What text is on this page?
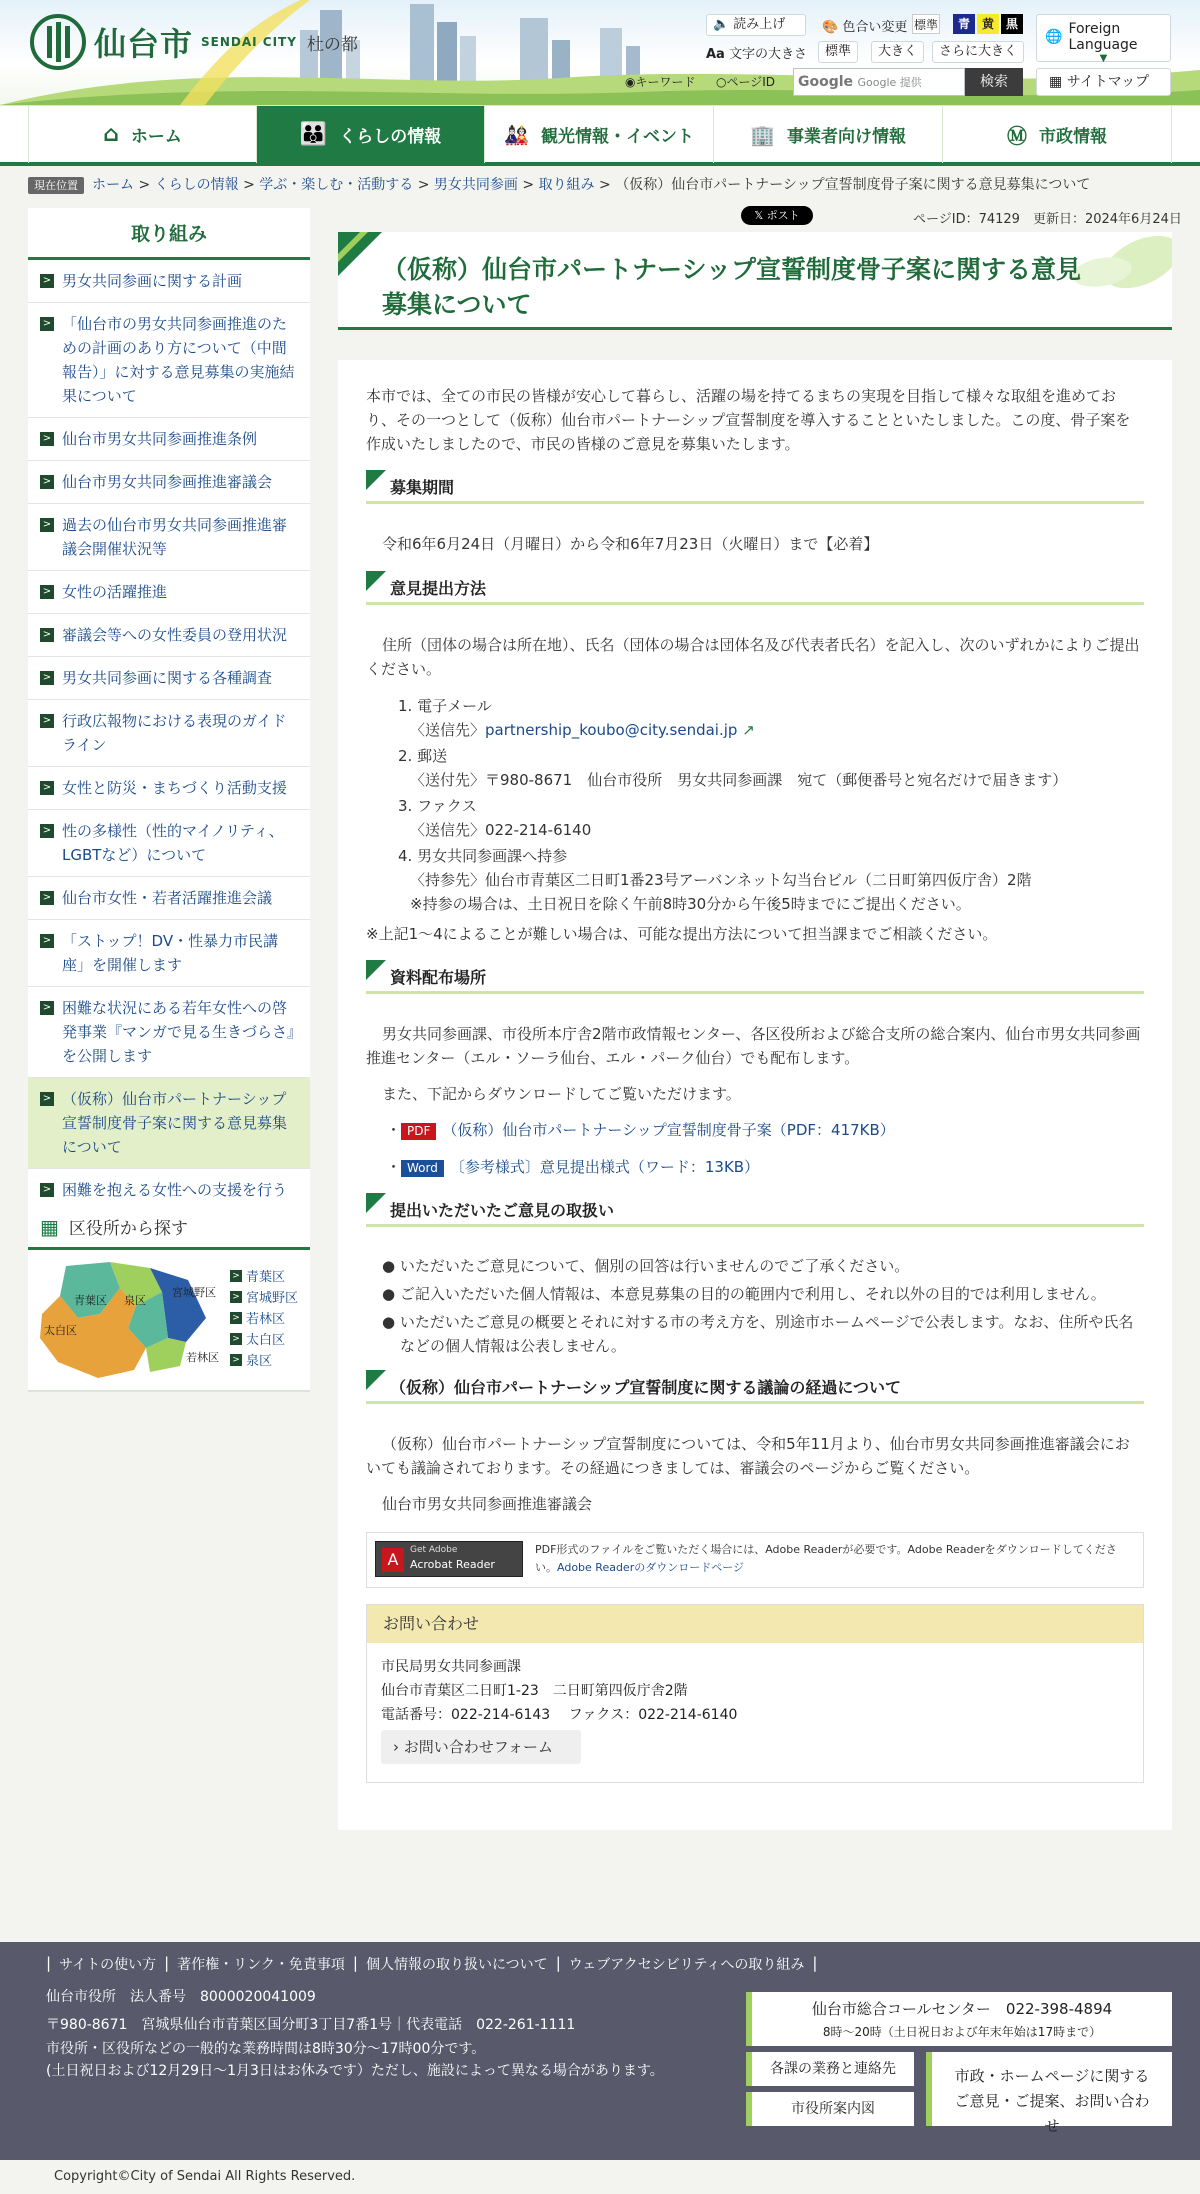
仙台市 SENDAI CITY 杜の都
🔈 読み上げ	🎨 色合い変更 標準	青 黄 黒
Aa 文字の大きさ	標準	大きく	さらに大きく
🌐 Foreign Language
▼
◉キーワード ○ページID	Google Google 提供	検索	▦ サイトマップ
⌂ ホーム	👪 くらしの情報	🎎 観光情報・イベント	🏢 事業者向け情報	Ⓜ 市政情報
現在位置 ホーム > くらしの情報 > 学ぶ・楽しむ・活動する > 男女共同参画 > 取り組み > （仮称）仙台市パートナーシップ宣誓制度骨子案に関する意見募集について
取り組み
> 男女共同参画に関する計画
> 「仙台市の男女共同参画推進のための計画のあり方について（中間報告）」に対する意見募集の実施結果について
> 仙台市男女共同参画推進条例
> 仙台市男女共同参画推進審議会
> 過去の仙台市男女共同参画推進審議会開催状況等
> 女性の活躍推進
> 審議会等への女性委員の登用状況
> 男女共同参画に関する各種調査
> 行政広報物における表現のガイドライン
> 女性と防災・まちづくり活動支援
> 性の多様性（性的マイノリティ、LGBTなど）について
> 仙台市女性・若者活躍推進会議
> 「ストップ！DV・性暴力市民講座」を開催します
> 困難な状況にある若年女性への啓発事業『マンガで見る生きづらさ』を公開します
> （仮称）仙台市パートナーシップ宣誓制度骨子案に関する意見募集について
> 困難を抱える女性への支援を行う
▦ 区役所から探す
青葉区 泉区
宮城野区
太白区
若林区
> 青葉区
> 宮城野区
> 若林区
> 太白区
> 泉区
𝕏 ポスト	ページID：74129　 更新日：2024年6月24日
（仮称）仙台市パートナーシップ宣誓制度骨子案に関する意見募集について
本市では、全ての市民の皆様が安心して暮らし、活躍の場を持てるまちの実現を目指して様々な取組を進めており、その一つとして（仮称）仙台市パートナーシップ宣誓制度を導入することといたしました。この度、骨子案を作成いたしましたので、市民の皆様のご意見を募集いたします。
募集期間
令和6年6月24日（月曜日）から令和6年7月23日（火曜日）まで【必着】
意見提出方法
住所（団体の場合は所在地）、氏名（団体の場合は団体名及び代表者氏名）を記入し、次のいずれかによりご提出ください。
1. 電子メール
〈送信先〉partnership_koubo@city.sendai.jp ↗
2. 郵送
〈送付先〉〒980-8671　仙台市役所　男女共同参画課　宛て（郵便番号と宛名だけで届きます）
3. ファクス
〈送信先〉022-214-6140
4. 男女共同参画課へ持参
〈持参先〉仙台市青葉区二日町1番23号アーバンネット勾当台ビル（二日町第四仮庁舎）2階
※持参の場合は、土日祝日を除く午前8時30分から午後5時までにご提出ください。
※上記1～4によることが難しい場合は、可能な提出方法について担当課までご相談ください。
資料配布場所
男女共同参画課、市役所本庁舎2階市政情報センター、各区役所および総合支所の総合案内、仙台市男女共同参画推進センター（エル・ソーラ仙台、エル・パーク仙台）でも配布します。
また、下記からダウンロードしてご覧いただけます。
・ PDF （仮称）仙台市パートナーシップ宣誓制度骨子案（PDF：417KB）
・ Word 〔参考様式〕意見提出様式（ワード：13KB）
提出いただいたご意見の取扱い
● いただいたご意見について、個別の回答は行いませんのでご了承ください。
● ご記入いただいた個人情報は、本意見募集の目的の範囲内で利用し、それ以外の目的では利用しません。
● いただいたご意見の概要とそれに対する市の考え方を、別途市ホームページで公表します。なお、住所や氏名などの個人情報は公表しません。
（仮称）仙台市パートナーシップ宣誓制度に関する議論の経過について
（仮称）仙台市パートナーシップ宣誓制度については、令和5年11月より、仙台市男女共同参画推進審議会においても議論されております。その経過につきましては、審議会のページからご覧ください。
仙台市男女共同参画推進審議会
A	Get Adobe
Acrobat Reader
PDF形式のファイルをご覧いただく場合には、Adobe Readerが必要です。Adobe Readerをダウンロードしてください。Adobe Readerのダウンロードページ
お問い合わせ
市民局男女共同参画課
仙台市青葉区二日町1-23　二日町第四仮庁舎2階
電話番号：022-214-6143　 ファクス：022-214-6140
› お問い合わせフォーム
| サイトの使い方 | 著作権・リンク・免責事項 | 個人情報の取り扱いについて | ウェブアクセシビリティへの取り組み |
仙台市役所　法人番号　8000020041009
〒980-8671　宮城県仙台市青葉区国分町3丁目7番1号｜代表電話　022-261-1111
市役所・区役所などの一般的な業務時間は8時30分～17時00分です。
(土日祝日および12月29日～1月3日はお休みです）ただし、施設によって異なる場合があります。
仙台市総合コールセンター　022-398-4894
8時～20時（土日祝日および年末年始は17時まで）
各課の業務と連絡先
市役所案内図
市政・ホームページに関するご意見・ご提案、お問い合わせ
Copyright©City of Sendai All Rights Reserved.
